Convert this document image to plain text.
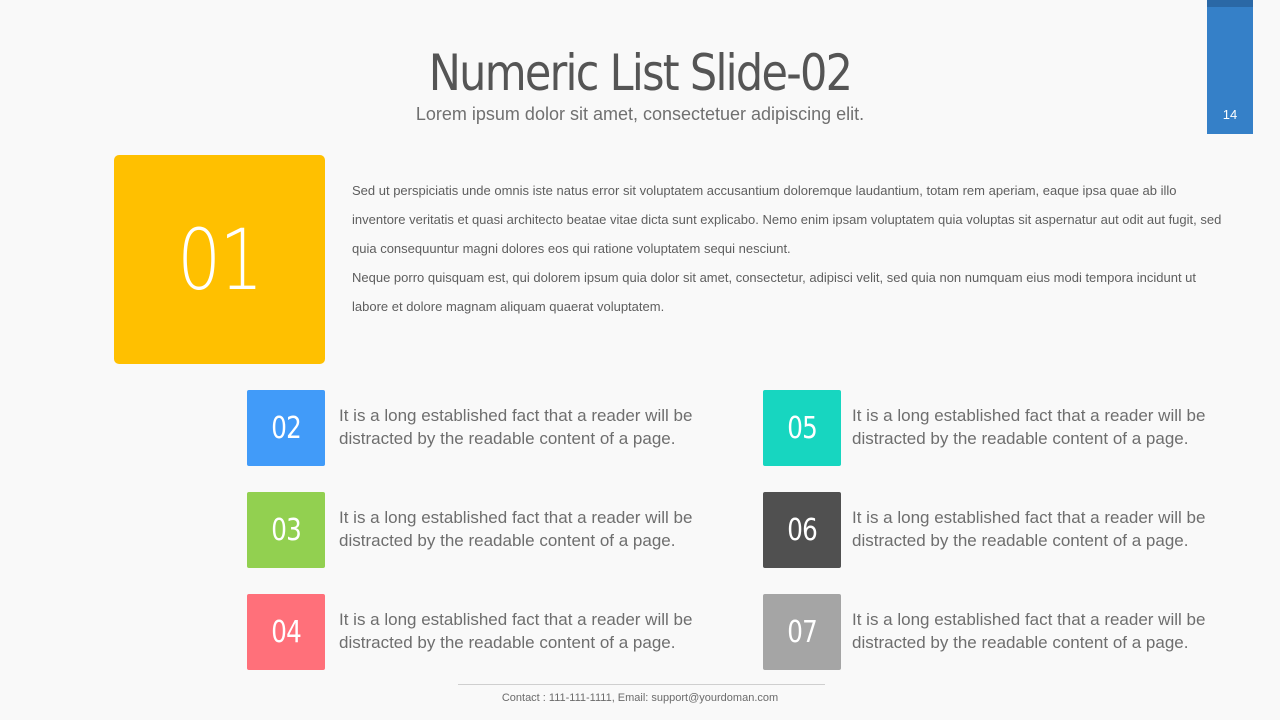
14
Numeric List Slide-02
Lorem ipsum dolor sit amet, consectetuer adipiscing elit.
01

Sed ut perspiciatis unde omnis iste natus error sit voluptatem accusantium doloremque laudantium, totam rem aperiam, eaque ipsa quae ab illo inventore veritatis et quasi architecto beatae vitae dicta sunt explicabo. Nemo enim ipsam voluptatem quia voluptas sit aspernatur aut odit aut fugit, sed quia consequuntur magni dolores eos qui ratione voluptatem sequi nesciunt.

Neque porro quisquam est, qui dolorem ipsum quia dolor sit amet, consectetur, adipisci velit, sed quia non numquam eius modi tempora incidunt ut labore et dolore magnam aliquam quaerat voluptatem.

02 It is a long established fact that a reader will be distracted by the readable content of a page.
03 It is a long established fact that a reader will be distracted by the readable content of a page.
04 It is a long established fact that a reader will be distracted by the readable content of a page.
05 It is a long established fact that a reader will be distracted by the readable content of a page.
06 It is a long established fact that a reader will be distracted by the readable content of a page.
07 It is a long established fact that a reader will be distracted by the readable content of a page.
Contact : 111-111-1111, Email: support@yourdoman.com
